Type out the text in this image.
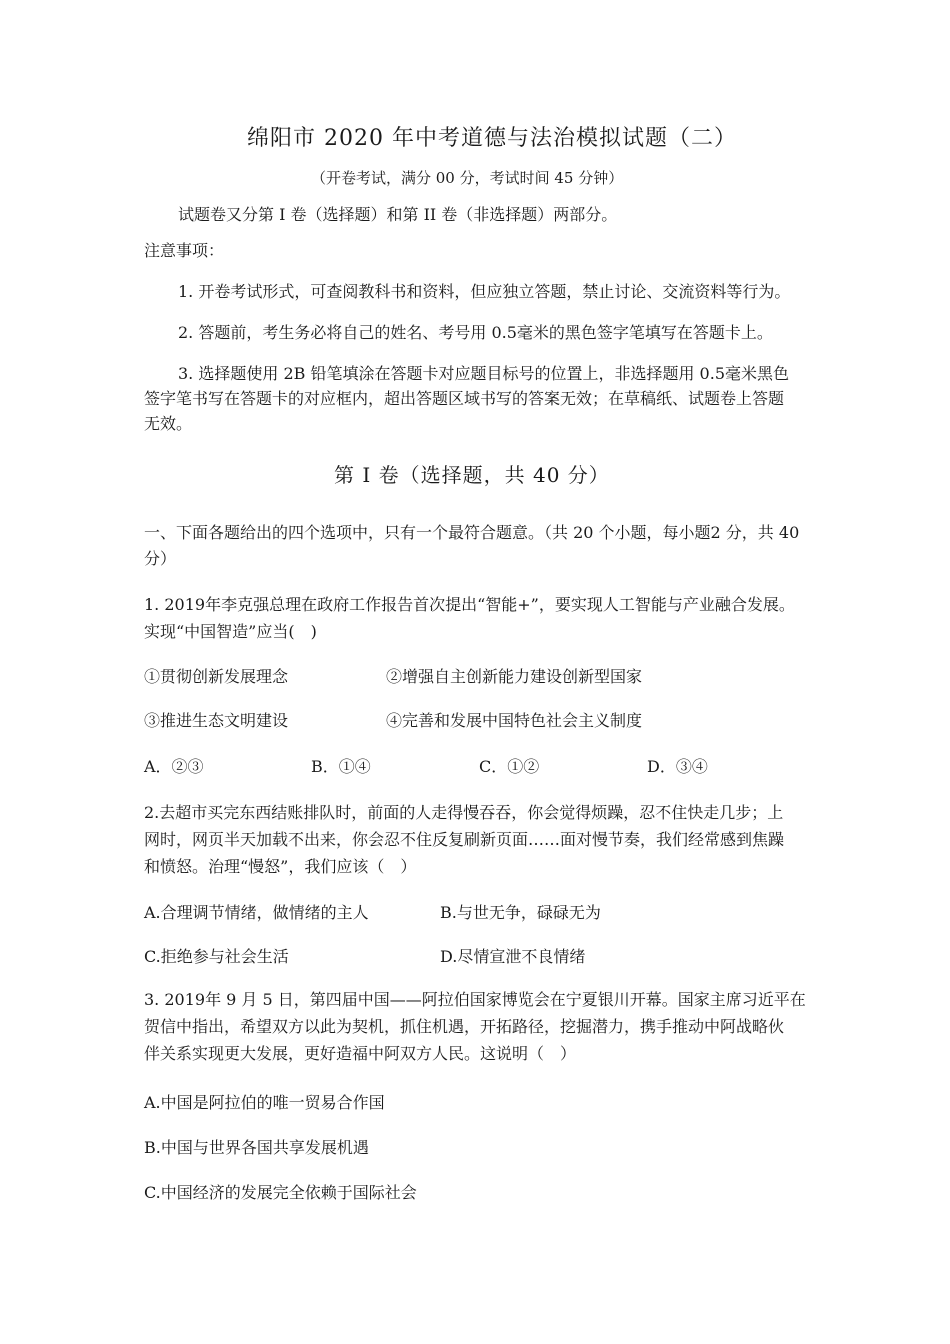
绵阳市 2020 年中考道德与法治模拟试题（二）
（开卷考试，满分 00 分，考试时间 45 分钟）
试题卷又分第 I 卷（选择题）和第 II 卷（非选择题）两部分。
注意事项：
1. 开卷考试形式，可查阅教科书和资料，但应独立答题，禁止讨论、交流资料等行为。
2. 答题前，考生务必将自己的姓名、考号用 0.5毫米的黑色签字笔填写在答题卡上。
3. 选择题使用 2B 铅笔填涂在答题卡对应题目标号的位置上，非选择题用 0.5毫米黑色
签字笔书写在答题卡的对应框内，超出答题区域书写的答案无效；在草稿纸、试题卷上答题
无效。
第 I 卷（选择题，共 40 分）
一、下面各题给出的四个选项中，只有一个最符合题意。（共 20 个小题，每小题2 分，共 40
分）
1. 2019年李克强总理在政府工作报告首次提出“智能+”，要实现人工智能与产业融合发展。
实现“中国智造”应当(　)
①贯彻创新发展理念	②增强自主创新能力建设创新型国家
③推进生态文明建设	④完善和发展中国特色社会主义制度
A．②③	B．①④	C．①②	D．③④
2.去超市买完东西结账排队时，前面的人走得慢吞吞，你会觉得烦躁，忍不住快走几步；上
网时，网页半天加载不出来，你会忍不住反复刷新页面……面对慢节奏，我们经常感到焦躁
和愤怒。治理“慢怒”，我们应该（　）
A.合理调节情绪，做情绪的主人	B.与世无争，碌碌无为
C.拒绝参与社会生活	D.尽情宣泄不良情绪
3. 2019年 9 月 5 日，第四届中国——阿拉伯国家博览会在宁夏银川开幕。国家主席习近平在
贺信中指出，希望双方以此为契机，抓住机遇，开拓路径，挖掘潜力，携手推动中阿战略伙
伴关系实现更大发展，更好造福中阿双方人民。这说明（　）
A.中国是阿拉伯的唯一贸易合作国
B.中国与世界各国共享发展机遇
C.中国经济的发展完全依赖于国际社会
